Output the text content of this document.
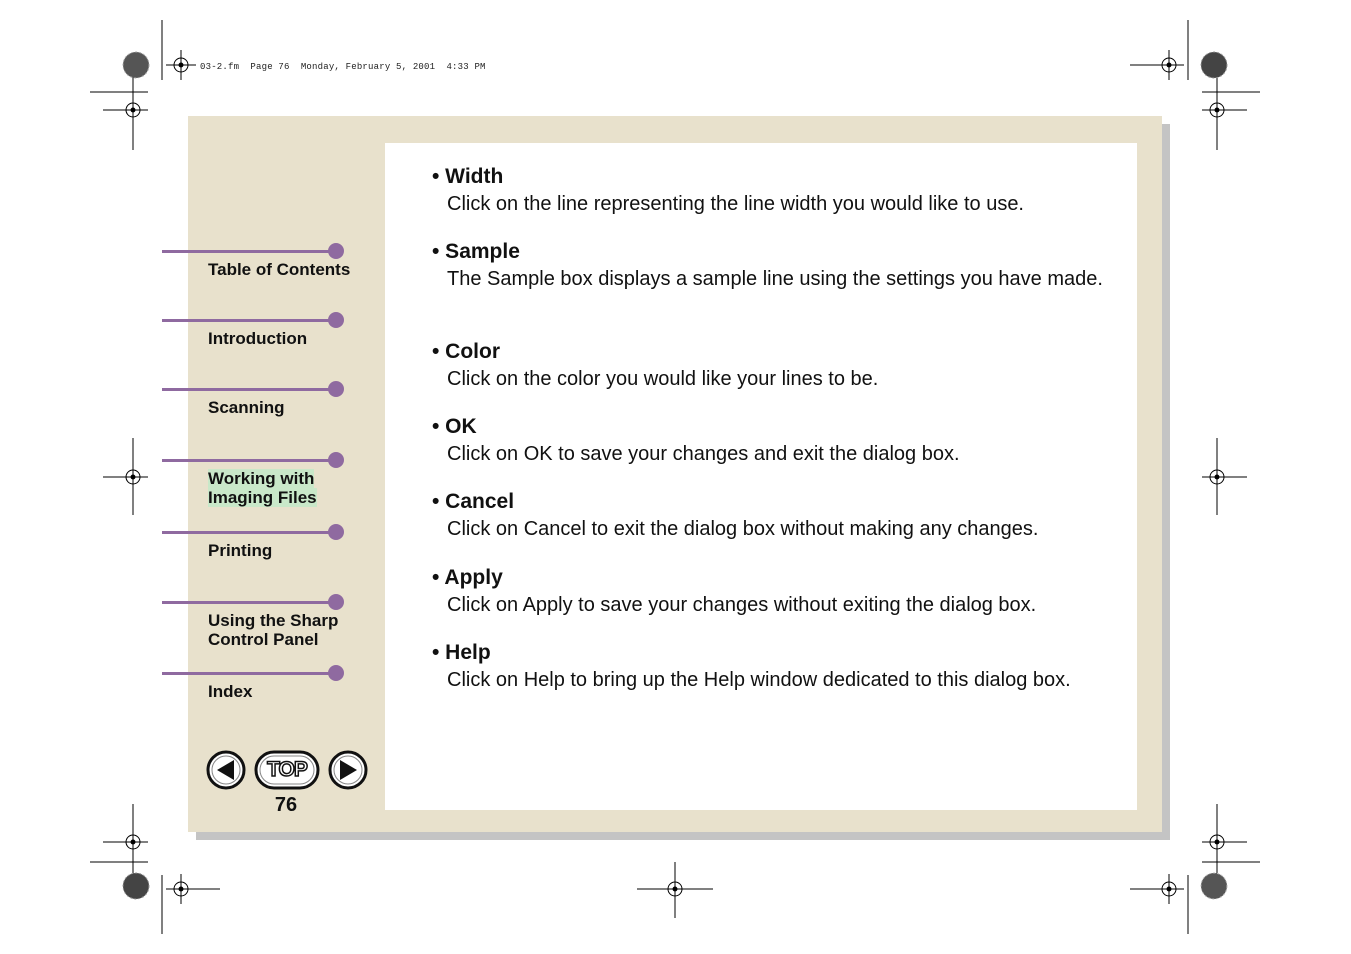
03-2.fm  Page 76  Monday, February 5, 2001  4:33 PM
Table of Contents
Introduction
Scanning
Working with
Imaging Files
Printing
Using the Sharp
Control Panel
Index
TOP
76
• Width
Click on the line representing the line width you would like to use.
• Sample
The Sample box displays a sample line using the settings you have made.
• Color
Click on the color you would like your lines to be.
• OK
Click on OK to save your changes and exit the dialog box.
• Cancel
Click on Cancel to exit the dialog box without making any changes.
• Apply
Click on Apply to save your changes without exiting the dialog box.
• Help
Click on Help to bring up the Help window dedicated to this dialog box.
